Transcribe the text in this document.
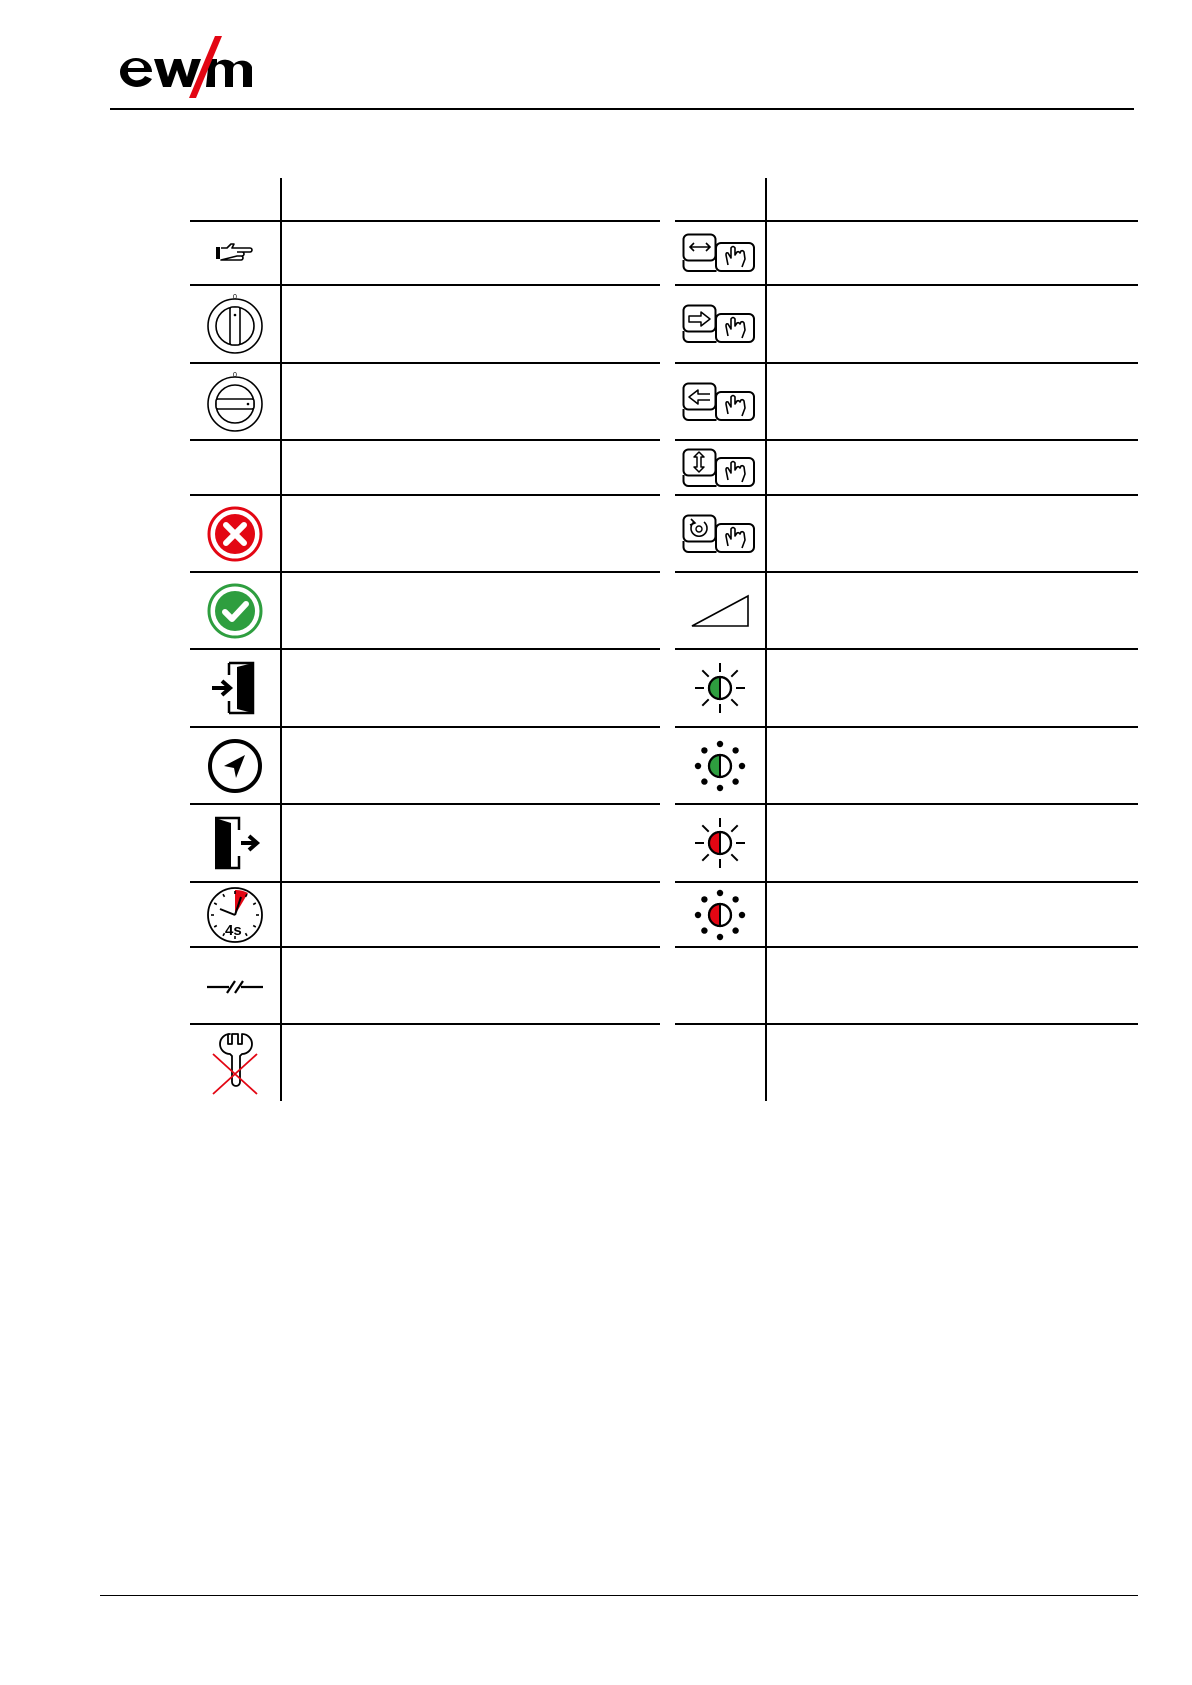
0
0
4s
